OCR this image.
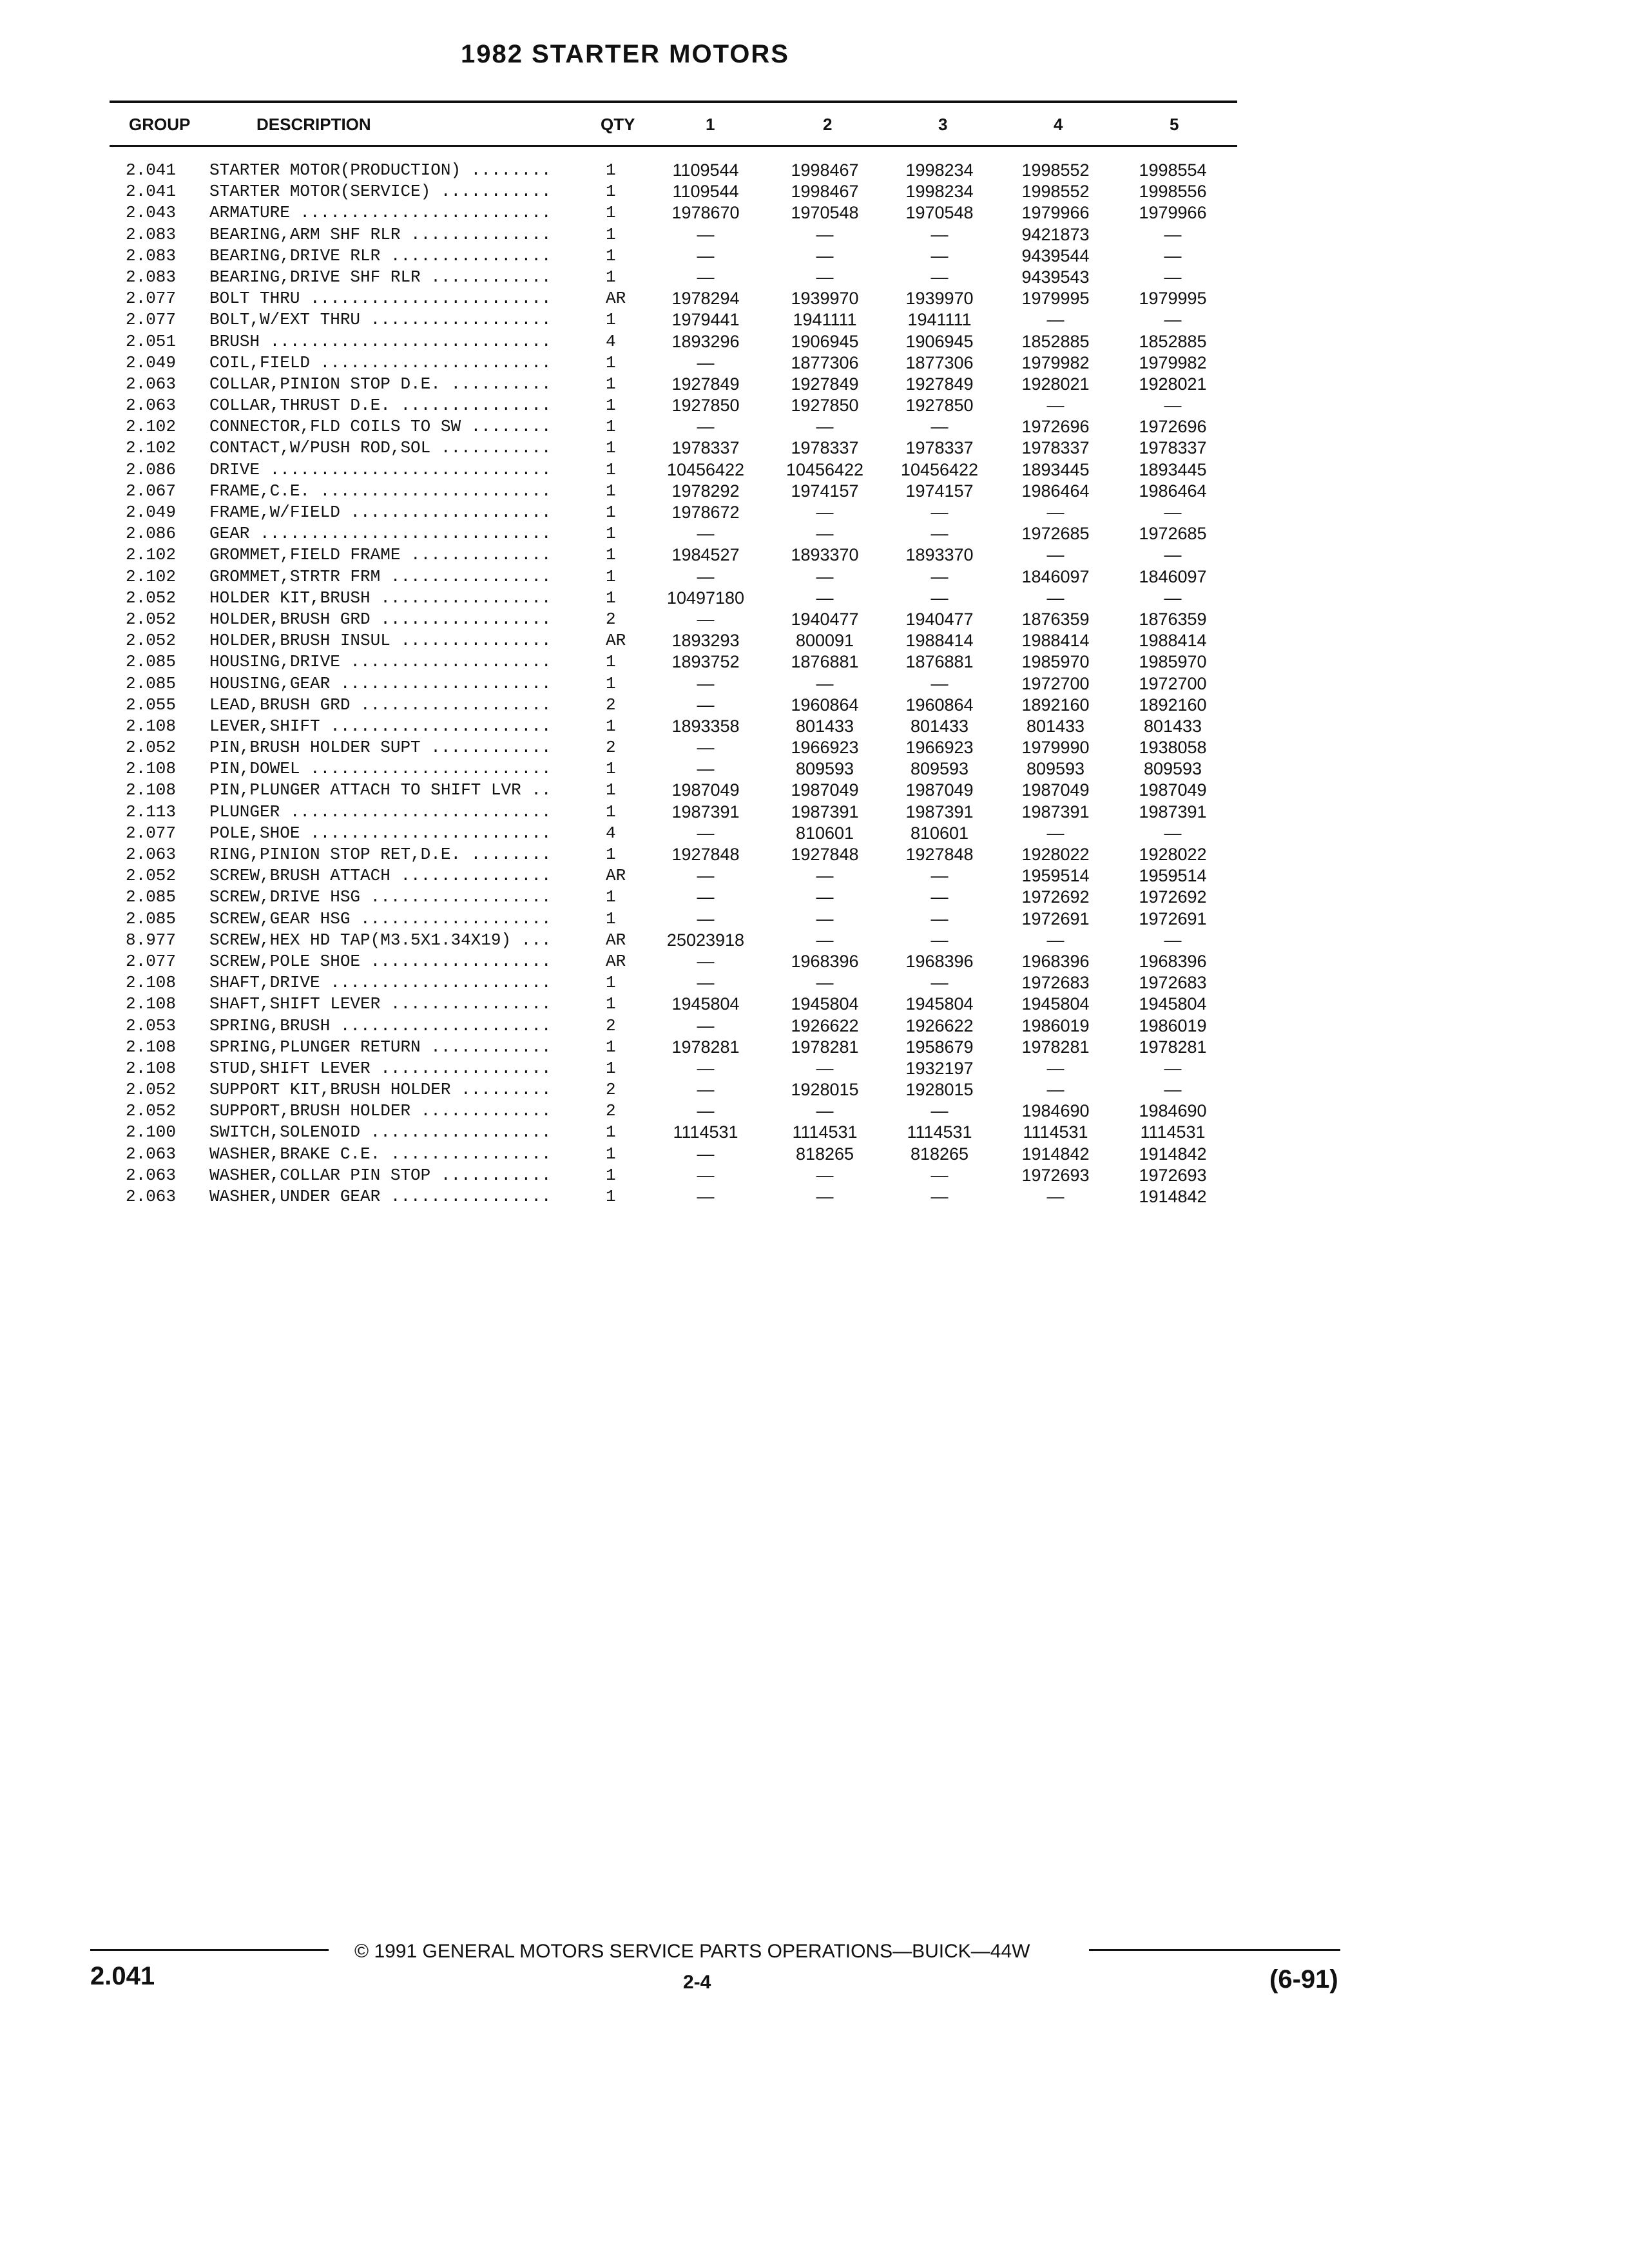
1982 STARTER MOTORS
GROUP	DESCRIPTION	QTY	1	2	3	4	5
2.041	STARTER MOTOR(PRODUCTION) ........	1	1109544	1998467	1998234	1998552	1998554
2.041	STARTER MOTOR(SERVICE) ...........	1	1109544	1998467	1998234	1998552	1998556
2.043	ARMATURE .........................	1	1978670	1970548	1970548	1979966	1979966
2.083	BEARING,ARM SHF RLR ..............	1	—	—	—	9421873	—
2.083	BEARING,DRIVE RLR ................	1	—	—	—	9439544	—
2.083	BEARING,DRIVE SHF RLR ............	1	—	—	—	9439543	—
2.077	BOLT THRU ........................	AR	1978294	1939970	1939970	1979995	1979995
2.077	BOLT,W/EXT THRU ..................	1	1979441	1941111	1941111	—	—
2.051	BRUSH ............................	4	1893296	1906945	1906945	1852885	1852885
2.049	COIL,FIELD .......................	1	—	1877306	1877306	1979982	1979982
2.063	COLLAR,PINION STOP D.E. ..........	1	1927849	1927849	1927849	1928021	1928021
2.063	COLLAR,THRUST D.E. ...............	1	1927850	1927850	1927850	—	—
2.102	CONNECTOR,FLD COILS TO SW ........	1	—	—	—	1972696	1972696
2.102	CONTACT,W/PUSH ROD,SOL ...........	1	1978337	1978337	1978337	1978337	1978337
2.086	DRIVE ............................	1	10456422	10456422	10456422	1893445	1893445
2.067	FRAME,C.E. .......................	1	1978292	1974157	1974157	1986464	1986464
2.049	FRAME,W/FIELD ....................	1	1978672	—	—	—	—
2.086	GEAR .............................	1	—	—	—	1972685	1972685
2.102	GROMMET,FIELD FRAME ..............	1	1984527	1893370	1893370	—	—
2.102	GROMMET,STRTR FRM ................	1	—	—	—	1846097	1846097
2.052	HOLDER KIT,BRUSH .................	1	10497180	—	—	—	—
2.052	HOLDER,BRUSH GRD .................	2	—	1940477	1940477	1876359	1876359
2.052	HOLDER,BRUSH INSUL ...............	AR	1893293	800091	1988414	1988414	1988414
2.085	HOUSING,DRIVE ....................	1	1893752	1876881	1876881	1985970	1985970
2.085	HOUSING,GEAR .....................	1	—	—	—	1972700	1972700
2.055	LEAD,BRUSH GRD ...................	2	—	1960864	1960864	1892160	1892160
2.108	LEVER,SHIFT ......................	1	1893358	801433	801433	801433	801433
2.052	PIN,BRUSH HOLDER SUPT ............	2	—	1966923	1966923	1979990	1938058
2.108	PIN,DOWEL ........................	1	—	809593	809593	809593	809593
2.108	PIN,PLUNGER ATTACH TO SHIFT LVR ..	1	1987049	1987049	1987049	1987049	1987049
2.113	PLUNGER ..........................	1	1987391	1987391	1987391	1987391	1987391
2.077	POLE,SHOE ........................	4	—	810601	810601	—	—
2.063	RING,PINION STOP RET,D.E. ........	1	1927848	1927848	1927848	1928022	1928022
2.052	SCREW,BRUSH ATTACH ...............	AR	—	—	—	1959514	1959514
2.085	SCREW,DRIVE HSG ..................	1	—	—	—	1972692	1972692
2.085	SCREW,GEAR HSG ...................	1	—	—	—	1972691	1972691
8.977	SCREW,HEX HD TAP(M3.5X1.34X19) ...	AR	25023918	—	—	—	—
2.077	SCREW,POLE SHOE ..................	AR	—	1968396	1968396	1968396	1968396
2.108	SHAFT,DRIVE ......................	1	—	—	—	1972683	1972683
2.108	SHAFT,SHIFT LEVER ................	1	1945804	1945804	1945804	1945804	1945804
2.053	SPRING,BRUSH .....................	2	—	1926622	1926622	1986019	1986019
2.108	SPRING,PLUNGER RETURN ............	1	1978281	1978281	1958679	1978281	1978281
2.108	STUD,SHIFT LEVER .................	1	—	—	1932197	—	—
2.052	SUPPORT KIT,BRUSH HOLDER .........	2	—	1928015	1928015	—	—
2.052	SUPPORT,BRUSH HOLDER .............	2	—	—	—	1984690	1984690
2.100	SWITCH,SOLENOID ..................	1	1114531	1114531	1114531	1114531	1114531
2.063	WASHER,BRAKE C.E. ................	1	—	818265	818265	1914842	1914842
2.063	WASHER,COLLAR PIN STOP ...........	1	—	—	—	1972693	1972693
2.063	WASHER,UNDER GEAR ................	1	—	—	—	—	1914842
© 1991 GENERAL MOTORS SERVICE PARTS OPERATIONS—BUICK—44W
2.041	2-4	(6-91)
